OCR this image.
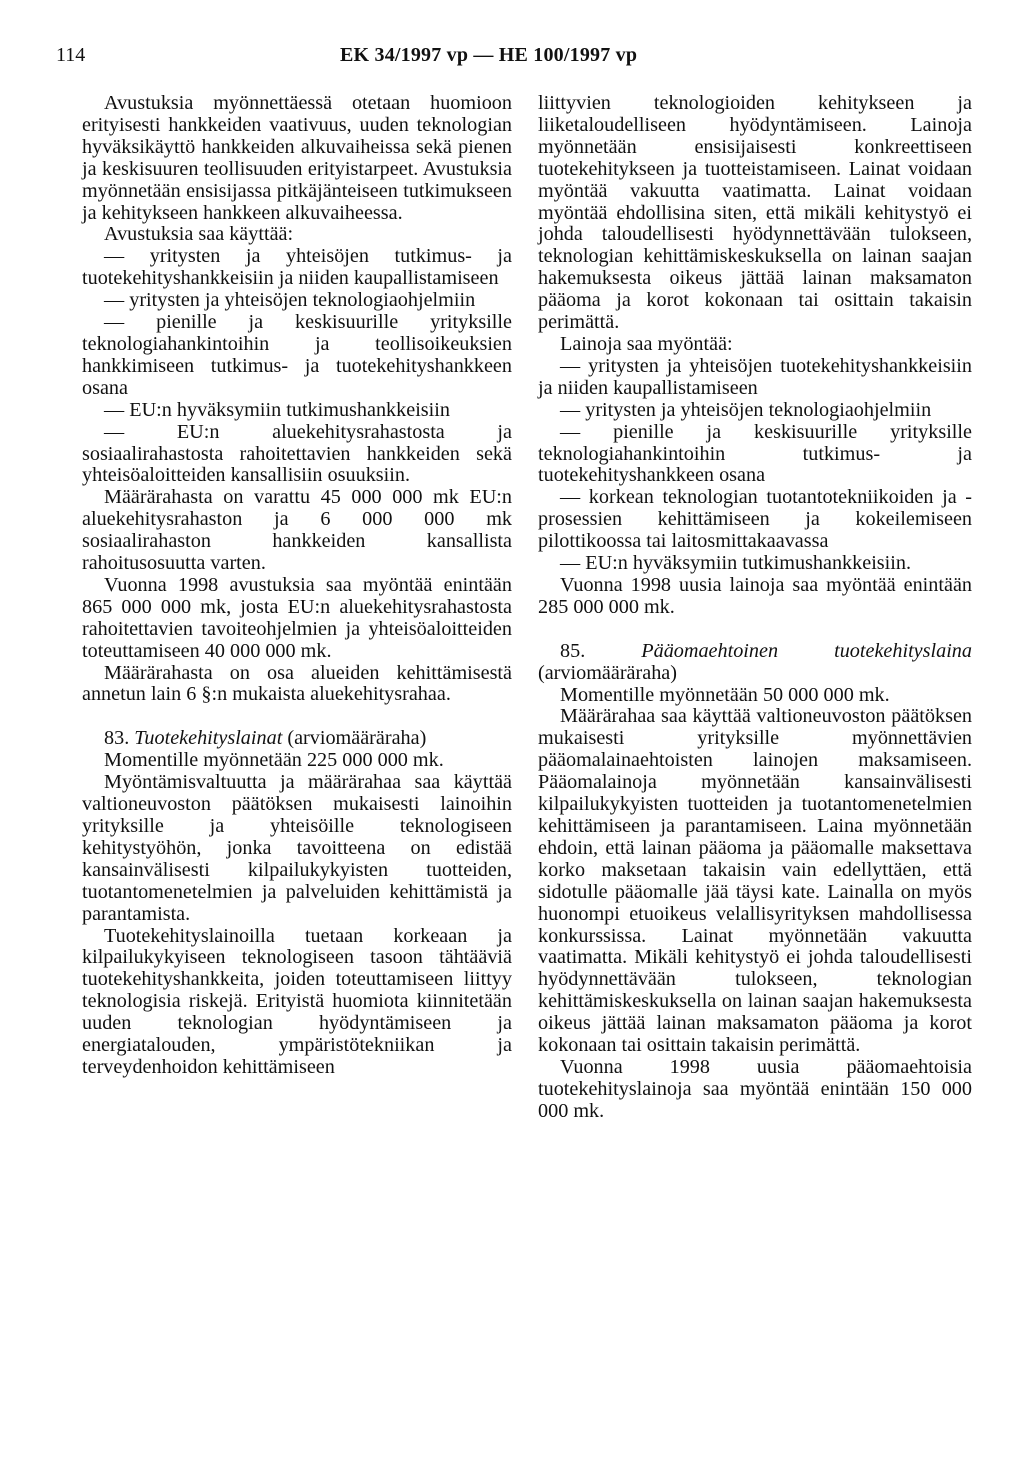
114	EK 34/1997 vp — HE 100/1997 vp

Avustuksia myönnettäessä otetaan huomioon erityisesti hankkeiden vaativuus, uuden teknologian hyväksikäyttö hankkeiden alkuvaiheissa sekä pienen ja keskisuuren teollisuuden erityistarpeet. Avustuksia myönnetään ensisijassa pitkäjänteiseen tutkimukseen ja kehitykseen hankkeen alkuvaiheessa.

Avustuksia saa käyttää:

— yritysten ja yhteisöjen tutkimus- ja tuotekehityshankkeisiin ja niiden kaupallistamiseen

— yritysten ja yhteisöjen teknologiaohjelmiin

— pienille ja keskisuurille yrityksille teknologiahankintoihin ja teollisoikeuksien hankkimiseen tutkimus- ja tuotekehityshankkeen osana

— EU:n hyväksymiin tutkimushankkeisiin

— EU:n aluekehitysrahastosta ja sosiaalirahastosta rahoitettavien hankkeiden sekä yhteisöaloitteiden kansallisiin osuuksiin.

Määrärahasta on varattu 45 000 000 mk EU:n aluekehitysrahaston ja 6 000 000 mk sosiaalirahaston hankkeiden kansallista rahoitusosuutta varten.

Vuonna 1998 avustuksia saa myöntää enintään 865 000 000 mk, josta EU:n aluekehitysrahastosta rahoitettavien tavoiteohjelmien ja yhteisöaloitteiden toteuttamiseen 40 000 000 mk.

Määrärahasta on osa alueiden kehittämisestä annetun lain 6 §:n mukaista aluekehitysrahaa.

83. Tuotekehityslainat (arviomääräraha)

Momentille myönnetään 225 000 000 mk.

Myöntämisvaltuutta ja määrärahaa saa käyttää valtioneuvoston päätöksen mukaisesti lainoihin yrityksille ja yhteisöille teknologiseen kehitystyöhön, jonka tavoitteena on edistää kansainvälisesti kilpailukykyisten tuotteiden, tuotantomenetelmien ja palveluiden kehittämistä ja parantamista.

Tuotekehityslainoilla tuetaan korkeaan ja kilpailukykyiseen teknologiseen tasoon tähtääviä tuotekehityshankkeita, joiden toteuttamiseen liittyy teknologisia riskejä. Erityistä huomiota kiinnitetään uuden teknologian hyödyntämiseen ja energiatalouden, ympäristötekniikan ja terveydenhoidon kehittämiseen

liittyvien teknologioiden kehitykseen ja liiketaloudelliseen hyödyntämiseen. Lainoja myönnetään ensisijaisesti konkreettiseen tuotekehitykseen ja tuotteistamiseen. Lainat voidaan myöntää vakuutta vaatimatta. Lainat voidaan myöntää ehdollisina siten, että mikäli kehitystyö ei johda taloudellisesti hyödynnettävään tulokseen, teknologian kehittämiskeskuksella on lainan saajan hakemuksesta oikeus jättää lainan maksamaton pääoma ja korot kokonaan tai osittain takaisin perimättä.

Lainoja saa myöntää:

— yritysten ja yhteisöjen tuotekehityshankkeisiin ja niiden kaupallistamiseen

— yritysten ja yhteisöjen teknologiaohjelmiin

— pienille ja keskisuurille yrityksille teknologiahankintoihin tutkimus- ja tuotekehityshankkeen osana

— korkean teknologian tuotantotekniikoiden ja -prosessien kehittämiseen ja kokeilemiseen pilottikoossa tai laitosmittakaavassa

— EU:n hyväksymiin tutkimushankkeisiin.

Vuonna 1998 uusia lainoja saa myöntää enintään 285 000 000 mk.

85.	Pääomaehtoinen tuotekehityslaina (arviomääräraha)

Momentille myönnetään 50 000 000 mk.

Määrärahaa saa käyttää valtioneuvoston päätöksen mukaisesti yrityksille myönnettävien pääomalainaehtoisten lainojen maksamiseen. Pääomalainoja myönnetään kansainvälisesti kilpailukykyisten tuotteiden ja tuotantomenetelmien kehittämiseen ja parantamiseen. Laina myönnetään ehdoin, että lainan pääoma ja pääomalle maksettava korko maksetaan takaisin vain edellyttäen, että sidotulle pääomalle jää täysi kate. Lainalla on myös huonompi etuoikeus velallisyrityksen mahdollisessa konkurssissa. Lainat myönnetään vakuutta vaatimatta. Mikäli kehitystyö ei johda taloudellisesti hyödynnettävään tulokseen, teknologian kehittämiskeskuksella on lainan saajan hakemuksesta oikeus jättää lainan maksamaton pääoma ja korot kokonaan tai osittain takaisin perimättä.

Vuonna 1998 uusia pääomaehtoisia tuotekehityslainoja saa myöntää enintään 150 000 000 mk.
